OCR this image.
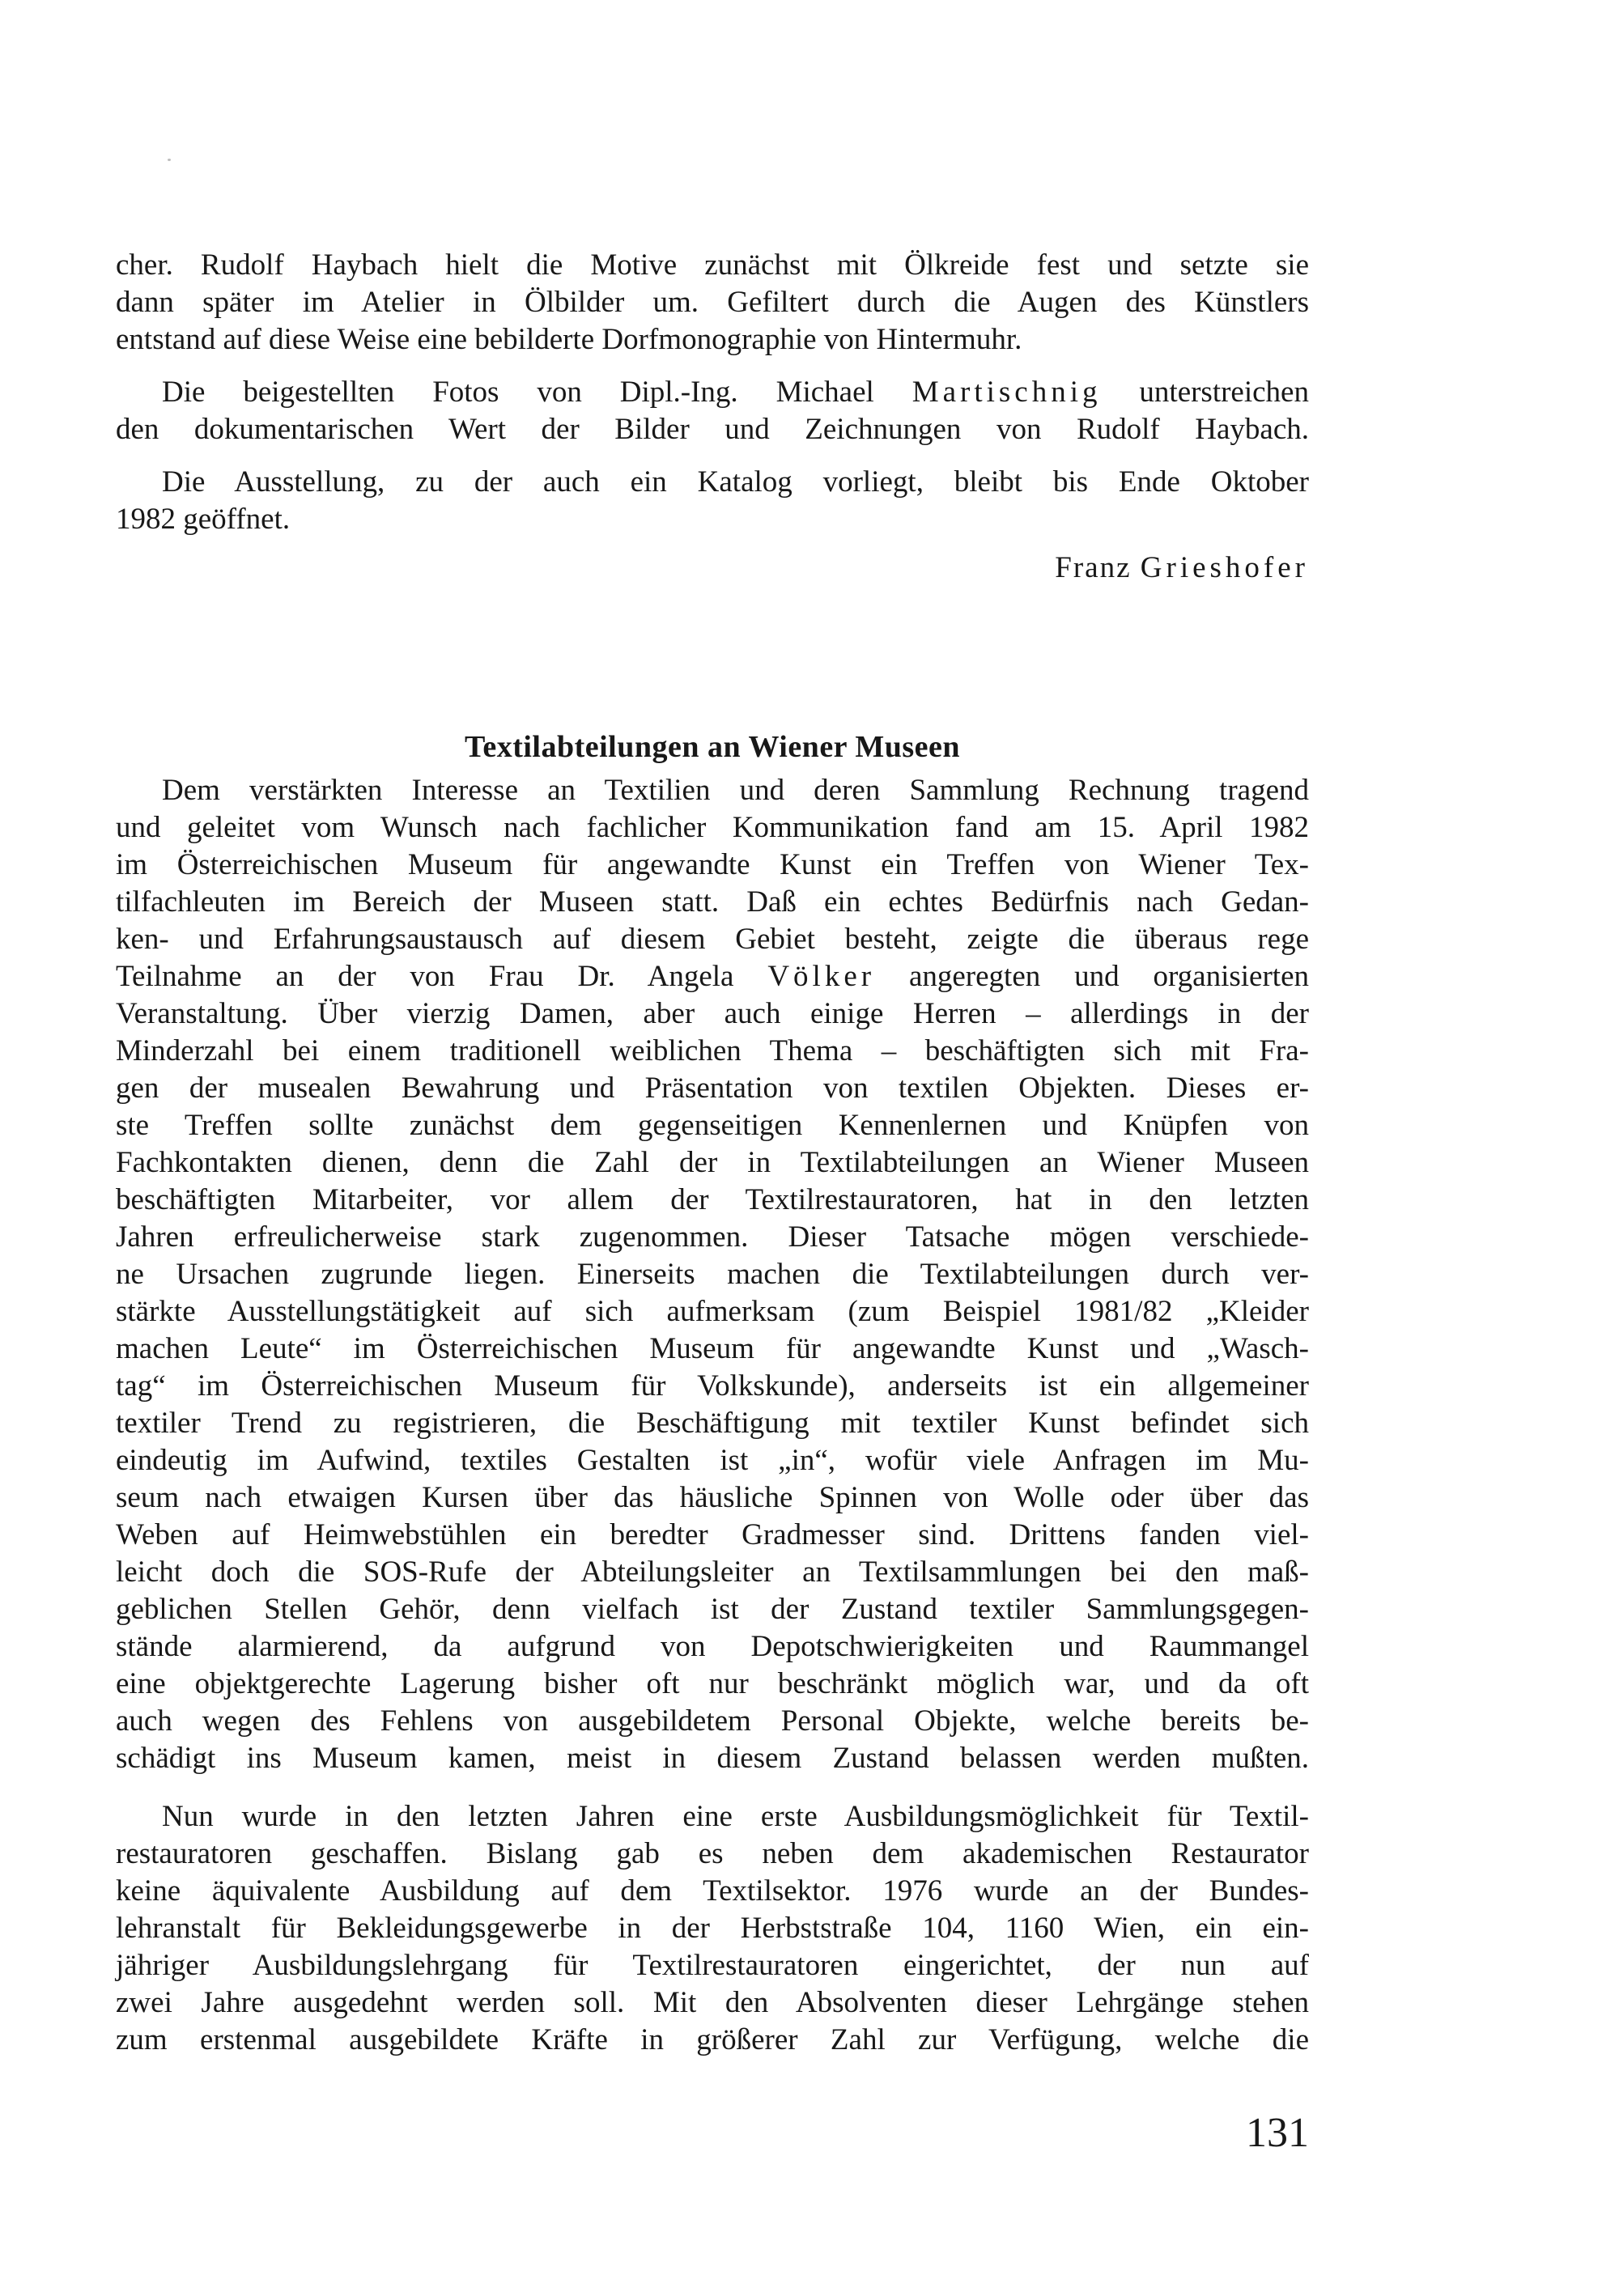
cher. Rudolf Haybach hielt die Motive zunächst mit Ölkreide fest und setzte sie
dann später im Atelier in Ölbilder um. Gefiltert durch die Augen des Künstlers
entstand auf diese Weise eine bebilderte Dorfmonographie von Hintermuhr.

Die beigestellten Fotos von Dipl.-Ing. Michael Martischnig unterstreichen
den dokumentarischen Wert der Bilder und Zeichnungen von Rudolf Haybach.

Die Ausstellung, zu der auch ein Katalog vorliegt, bleibt bis Ende Oktober
1982 geöffnet.

Franz Grieshofer
Textilabteilungen an Wiener Museen

Dem verstärkten Interesse an Textilien und deren Sammlung Rechnung tragend
und geleitet vom Wunsch nach fachlicher Kommunikation fand am 15. April 1982
im Österreichischen Museum für angewandte Kunst ein Treffen von Wiener Tex-
tilfachleuten im Bereich der Museen statt. Daß ein echtes Bedürfnis nach Gedan-
ken- und Erfahrungsaustausch auf diesem Gebiet besteht, zeigte die überaus rege
Teilnahme an der von Frau Dr. Angela Völker angeregten und organisierten
Veranstaltung. Über vierzig Damen, aber auch einige Herren – allerdings in der
Minderzahl bei einem traditionell weiblichen Thema – beschäftigten sich mit Fra-
gen der musealen Bewahrung und Präsentation von textilen Objekten. Dieses er-
ste Treffen sollte zunächst dem gegenseitigen Kennenlernen und Knüpfen von
Fachkontakten dienen, denn die Zahl der in Textilabteilungen an Wiener Museen
beschäftigten Mitarbeiter, vor allem der Textilrestauratoren, hat in den letzten
Jahren erfreulicherweise stark zugenommen. Dieser Tatsache mögen verschiede-
ne Ursachen zugrunde liegen. Einerseits machen die Textilabteilungen durch ver-
stärkte Ausstellungstätigkeit auf sich aufmerksam (zum Beispiel 1981/82 „Kleider
machen Leute“ im Österreichischen Museum für angewandte Kunst und „Wasch-
tag“ im Österreichischen Museum für Volkskunde), anderseits ist ein allgemeiner
textiler Trend zu registrieren, die Beschäftigung mit textiler Kunst befindet sich
eindeutig im Aufwind, textiles Gestalten ist „in“, wofür viele Anfragen im Mu-
seum nach etwaigen Kursen über das häusliche Spinnen von Wolle oder über das
Weben auf Heimwebstühlen ein beredter Gradmesser sind. Drittens fanden viel-
leicht doch die SOS-Rufe der Abteilungsleiter an Textilsammlungen bei den maß-
geblichen Stellen Gehör, denn vielfach ist der Zustand textiler Sammlungsgegen-
stände alarmierend, da aufgrund von Depotschwierigkeiten und Raummangel
eine objektgerechte Lagerung bisher oft nur beschränkt möglich war, und da oft
auch wegen des Fehlens von ausgebildetem Personal Objekte, welche bereits be-
schädigt ins Museum kamen, meist in diesem Zustand belassen werden mußten.

Nun wurde in den letzten Jahren eine erste Ausbildungsmöglichkeit für Textil-
restauratoren geschaffen. Bislang gab es neben dem akademischen Restaurator
keine äquivalente Ausbildung auf dem Textilsektor. 1976 wurde an der Bundes-
lehranstalt für Bekleidungsgewerbe in der Herbststraße 104, 1160 Wien, ein ein-
jähriger Ausbildungslehrgang für Textilrestauratoren eingerichtet, der nun auf
zwei Jahre ausgedehnt werden soll. Mit den Absolventen dieser Lehrgänge stehen
zum erstenmal ausgebildete Kräfte in größerer Zahl zur Verfügung, welche die

131
